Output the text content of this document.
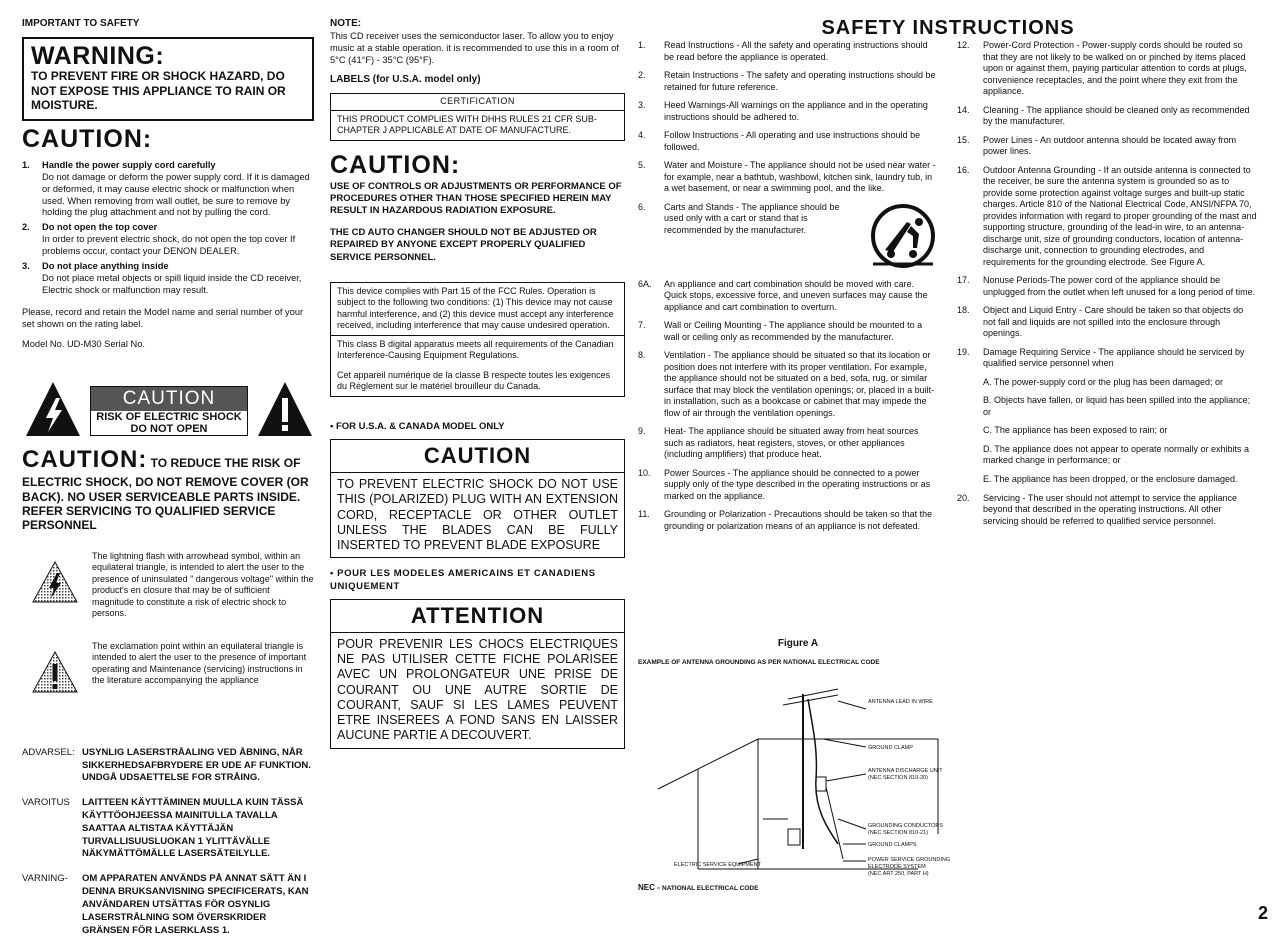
IMPORTANT TO SAFETY
WARNING:
TO PREVENT FIRE OR SHOCK HAZARD, DO NOT EXPOSE THIS APPLIANCE TO RAIN OR MOISTURE.
CAUTION:
1. Handle the power supply cord carefully
Do not damage or deform the power supply cord. If it is damaged or deformed, it may cause electric shock or malfunction when used. When removing from wall outlet, be sure to remove by holding the plug attachment and not by pulling the cord.
2. Do not open the top cover
In order to prevent electric shock, do not open the top cover If problems occur, contact your DENON DEALER.
3. Do not place anything inside
Do not place metal objects or spill liquid inside the CD receiver, Electric shock or malfunction may result.

Please, record and retain the Model name and serial number of your set shown on the rating label.

Model No. UD-M30 Serial No.

CAUTION
RISK OF ELECTRIC SHOCK
DO NOT OPEN
CAUTION: TO REDUCE THE RISK OF ELECTRIC SHOCK, DO NOT REMOVE COVER (OR BACK). NO USER SERVICEABLE PARTS INSIDE. REFER SERVICING TO QUALIFIED SERVICE PERSONNEL
The lightning flash with arrowhead symbol, within an equilateral triangle, is intended to alert the user to the presence of uninsulated " dangerous voltage" within the product's en closure that may be of sufficient magnitude to constitute a risk of electric shock to persons.
The exclamation point within an equilateral triangle is intended to alert the user to the presence of important operating and Maintenance (servicing) instructions in the literature accompanying the appliance
ADVARSEL: USYNLIG LASERSTRÅALING VED ÅBNING, NÅR SIKKERHEDSAFBRYDERE ER UDE AF FUNKTION. UNDGÅ UDSAETTELSE FOR STRÅING.
VAROITUS	LAITTEEN KÄYTTÄMINEN MUULLA KUIN TÄSSÄ KÄYTTÖOHJEESSA MAINITULLA TAVALLA SAATTAA ALTISTAA KÄYTTÄJÄN TURVALLISUUSLUOKAN 1 YLITTÄVÄLLE NÄKYMÄTTÖMÄLLE LASERSÄTEILYLLE.
VARNING-	OM APPARATEN ANVÄNDS PÅ ANNAT SÄTT ÄN I DENNA BRUKSANVISNING SPECIFICERATS, KAN ANVÄNDAREN UTSÄTTAS FÖR OSYNLIG LASERSTRÅLNING SOM ÖVERSKRIDER GRÄNSEN FÖR LASERKLASS 1.
NOTE:

This CD receiver uses the semiconductor laser. To allow you to enjoy music at a stable operation. it is recommended to use this in a room of 5°C (41°F) - 35°C (95°F).

LABELS (for U.S.A. model only)
CERTIFICATION
THIS PRODUCT COMPLIES WITH DHHS RULES 21 CFR SUB-CHAPTER J APPLICABLE AT DATE OF MANUFACTURE.
CAUTION:
USE OF CONTROLS OR ADJUSTMENTS OR PERFORMANCE OF PROCEDURES OTHER THAN THOSE SPECIFIED HEREIN MAY RESULT IN HAZARDOUS RADIATION EXPOSURE.
THE CD AUTO CHANGER SHOULD NOT BE ADJUSTED OR REPAIRED BY ANYONE EXCEPT PROPERLY QUALIFIED SERVICE PERSONNEL.
This device complies with Part 15 of the FCC Rules. Operation is subject to the following two conditions: (1) This device may not cause harmful interference, and (2) this device must accept any interference received, including interference that may cause undesired operation.
This class B digital apparatus meets all requirements of the Canadian Interference-Causing Equipment Regulations.
Cet appareil numérique de la classe B respecte toutes les exigences du Règlement sur le matériel brouilleur du Canada.
• FOR U.S.A. & CANADA MODEL ONLY
CAUTION
TO PREVENT ELECTRIC SHOCK DO NOT USE THIS (POLARIZED) PLUG WITH AN EXTENSION CORD, RECEPTACLE OR OTHER OUTLET UNLESS THE BLADES CAN BE FULLY INSERTED TO PREVENT BLADE EXPOSURE
• POUR LES MODELES AMERICAINS ET CANADIENS UNIQUEMENT
ATTENTION
POUR PREVENIR LES CHOCS ELECTRIQUES NE PAS UTILISER CETTE FICHE POLARISEE AVEC UN PROLONGATEUR UNE PRISE DE COURANT OU UNE AUTRE SORTIE DE COURANT, SAUF SI LES LAMES PEUVENT ETRE INSEREES A FOND SANS EN LAISSER AUCUNE PARTIE A DECOUVERT.
SAFETY INSTRUCTIONS
1.	Read Instructions - All the safety and operating instructions should be read before the appliance is operated.
2.	Retain Instructions - The safety and operating instructions should be retained for future reference.
3.	Heed Warnings-All warnings on the appliance and in the operating instructions should be adhered to.
4.	Follow Instructions - All operating and use instructions should be followed.
5.	Water and Moisture - The appliance should not be used near water - for example, near a bathtub, washbowl, kitchen sink, laundry tub, in a wet basement, or near a swimming pool, and the like.
6.	Carts and Stands - The appliance should be used only with a cart or stand that is recommended by the manufacturer.
6A.	An appliance and cart combination should be moved with care. Quick stops, excessive force, and uneven surfaces may cause the appliance and cart combination to overturn.
7.	Wall or Ceiling Mounting - The appliance should be mounted to a wall or ceiling only as recommended by the manufacturer.
8.	Ventilation - The appliance should be situated so that its location or position does not interfere with its proper ventilation. For example, the appliance should not be situated on a bed, sofa, rug, or similar surface that may block the ventilation openings; or, placed in a built-in installation, such as a bookcase or cabinet that may impede the flow of air through the ventilation openings.
9.	Heat- The appliance should be situated away from heat sources such as radiators, heat registers, stoves, or other appliances (including amplifiers) that produce heat.
10.	Power Sources - The appliance should be connected to a power supply only of the type described in the operating instructions or as marked on the appliance.
11.	Grounding or Polarization - Precautions should be taken so that the grounding or polarization means of an appliance is not defeated.
12.	Power-Cord Protection - Power-supply cords should be routed so that they are not likely to be walked on or pinched by items placed upon or against them, paying particular attention to cords at plugs, convenience receptacles, and the point where they exit from the appliance.
14.	Cleaning - The appliance should be cleaned only as recommended by the manufacturer.
15.	Power Lines - An outdoor antenna should be located away from power lines.
16.	Outdoor Antenna Grounding - If an outside antenna is connected to the receiver, be sure the antenna system is grounded so as to provide some protection against voltage surges and built-up static charges. Article 810 of the National Electrical Code, ANSI/NFPA 70, provides information with regard to proper grounding of the mast and supporting structure, grounding of the lead-in wire, to an antenna-discharge unit, size of grounding conductors, location of antenna-discharge unit, connection to grounding electrodes, and requirements for the grounding electrode. See Figure A.
17.	Nonuse Periods-The power cord of the appliance should be unplugged from the outlet when left unused for a long period of time.
18.	Object and Liquid Entry - Care should be taken so that objects do not fall and liquids are not spilled into the enclosure through openings.
19.	Damage Requiring Service - The appliance should be serviced by qualified service personnel when
A. The power-supply cord or the plug has been damaged; or
B. Objects have fallen, or liquid has been spilled into the appliance; or
C. The appliance has been exposed to rain; or
D. The appliance does not appear to operate normally or exhibits a marked change in performance; or
E. The appliance has been dropped, or the enclosure damaged.
20.	Servicing - The user should not attempt to service the appliance beyond that described in the operating instructions. All other servicing should be referred to qualified service personnel.
Figure A
EXAMPLE OF ANTENNA GROUNDING AS PER NATIONAL ELECTRICAL CODE
ANTENNA LEAD IN WIRE
GROUND CLAMP
ANTENNA DISCHARGE UNIT
(NEC SECTION 810-20)
GROUNDING CONDUCTORS
(NEC SECTION 810-21)
GROUND CLAMPS
ELECTRIC SERVICE EQUIPMENT
POWER SERVICE GROUNDING
ELECTRODE SYSTEM
(NEC ART 250, PART H)
NEC - NATIONAL ELECTRICAL CODE
2
